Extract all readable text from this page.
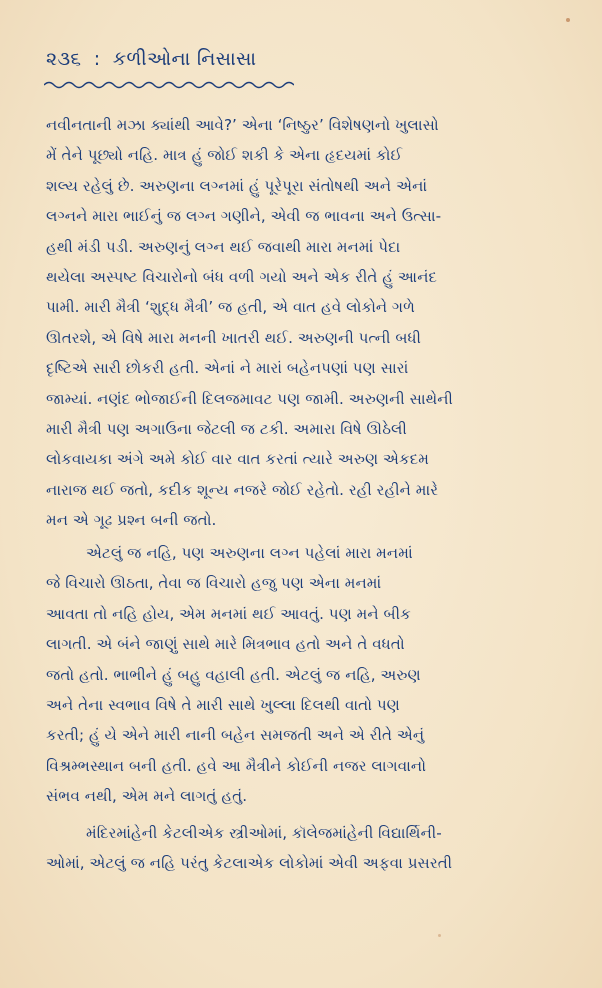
૨૩૬ : કળીઓના નિસાસા
નવીનતાની મઝા ક્યાંથી આવે?’ એના ‘નિષ્ઠુર’ વિશેષણનો ખુલાસો
મેં તેને પૂછ્યો નહિ. માત્ર હું જોઈ શકી કે એના હૃદયમાં કોઈ
શલ્ય રહેલું છે. અરુણના લગ્નમાં હું પૂરેપૂરા સંતોષથી અને એનાં
લગ્નને મારા ભાઈનું જ લગ્ન ગણીને, એવી જ ભાવના અને ઉત્સા-
હથી મંડી પડી. અરુણનું લગ્ન થઈ જવાથી મારા મનમાં પેદા
થયેલા અસ્પષ્ટ વિચારોનો બંધ વળી ગયો અને એક રીતે હું આનંદ
પામી. મારી મૈત્રી ‘શુદ્ધ મૈત્રી’ જ હતી, એ વાત હવે લોકોને ગળે
ઊતરશે, એ વિષે મારા મનની ખાતરી થઈ. અરુણની પત્ની બધી
દૃષ્ટિએ સારી છોકરી હતી. એનાં ને મારાં બહેનપણાં પણ સારાં
જામ્યાં. નણંદ ભોજાઈની દિલજમાવટ પણ જામી. અરુણની સાથેની
મારી મૈત્રી પણ અગાઉના જેટલી જ ટકી. અમારા વિષે ઊઠેલી
લોકવાયકા અંગે અમે કોઈ વાર વાત કરતાં ત્યારે અરુણ એકદમ
નારાજ થઈ જતો, કદીક શૂન્ય નજરે જોઈ રહેતો. રહી રહીને મારે
મન એ ગૂઢ પ્રશ્ન બની જતો.
એટલું જ નહિ, પણ અરુણના લગ્ન પહેલાં મારા મનમાં
જે વિચારો ઊઠતા, તેવા જ વિચારો હજુ પણ એના મનમાં
આવતા તો નહિ હોય, એમ મનમાં થઈ આવતું. પણ મને બીક
લાગતી. એ બંને જાણું સાથે મારે મિત્રભાવ હતો અને તે વધતો
જતો હતો. ભાભીને હું બહુ વહાલી હતી. એટલું જ નહિ, અરુણ
અને તેના સ્વભાવ વિષે તે મારી સાથે ખુલ્લા દિલથી વાતો પણ
કરતી; હું યે એને મારી નાની બહેન સમજતી અને એ રીતે એનું
વિશ્રમ્ભસ્થાન બની હતી. હવે આ મૈત્રીને કોઈની નજર લાગવાનો
સંભવ નથી, એમ મને લાગતું હતું.
મંદિરમાંહેની કેટલીએક સ્ત્રીઓમાં, કૉલેજમાંહેની વિદ્યાર્થિની-
ઓમાં, એટલું જ નહિ પરંતુ કેટલાએક લોકોમાં એવી અફવા પ્રસરતી
